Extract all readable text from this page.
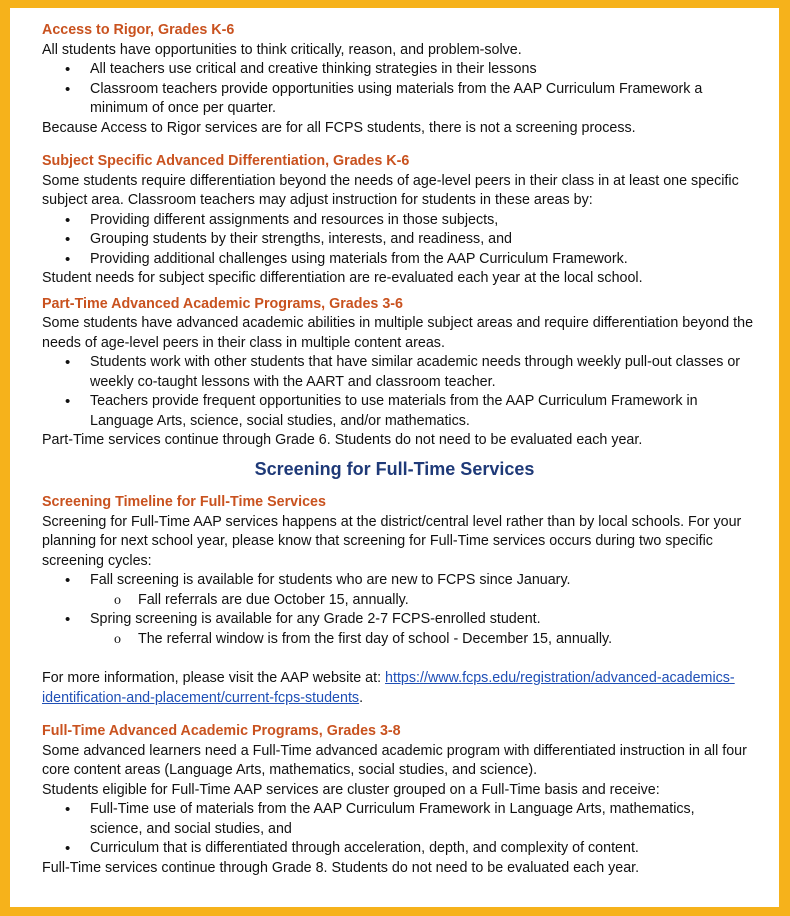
Access to Rigor, Grades K-6

All students have opportunities to think critically, reason, and problem-solve.

• All teachers use critical and creative thinking strategies in their lessons
• Classroom teachers provide opportunities using materials from the AAP Curriculum Framework a minimum of once per quarter.

Because Access to Rigor services are for all FCPS students, there is not a screening process.

Subject Specific Advanced Differentiation, Grades K-6

Some students require differentiation beyond the needs of age-level peers in their class in at least one specific subject area. Classroom teachers may adjust instruction for students in these areas by:

• Providing different assignments and resources in those subjects,
• Grouping students by their strengths, interests, and readiness, and
• Providing additional challenges using materials from the AAP Curriculum Framework.

Student needs for subject specific differentiation are re-evaluated each year at the local school.

Part-Time Advanced Academic Programs, Grades 3-6

Some students have advanced academic abilities in multiple subject areas and require differentiation beyond the needs of age-level peers in their class in multiple content areas.

• Students work with other students that have similar academic needs through weekly pull-out classes or weekly co-taught lessons with the AART and classroom teacher.
• Teachers provide frequent opportunities to use materials from the AAP Curriculum Framework in Language Arts, science, social studies, and/or mathematics.

Part-Time services continue through Grade 6. Students do not need to be evaluated each year.

Screening for Full-Time Services

Screening Timeline for Full-Time Services

Screening for Full-Time AAP services happens at the district/central level rather than by local schools. For your planning for next school year, please know that screening for Full-Time services occurs during two specific screening cycles:

• Fall screening is available for students who are new to FCPS since January.
o Fall referrals are due October 15, annually.
• Spring screening is available for any Grade 2-7 FCPS-enrolled student.
o The referral window is from the first day of school - December 15, annually.

For more information, please visit the AAP website at: https://www.fcps.edu/registration/advanced-academics-identification-and-placement/current-fcps-students.

Full-Time Advanced Academic Programs, Grades 3-8

Some advanced learners need a Full-Time advanced academic program with differentiated instruction in all four core content areas (Language Arts, mathematics, social studies, and science).

Students eligible for Full-Time AAP services are cluster grouped on a Full-Time basis and receive:

• Full-Time use of materials from the AAP Curriculum Framework in Language Arts, mathematics, science, and social studies, and
• Curriculum that is differentiated through acceleration, depth, and complexity of content.

Full-Time services continue through Grade 8. Students do not need to be evaluated each year.
